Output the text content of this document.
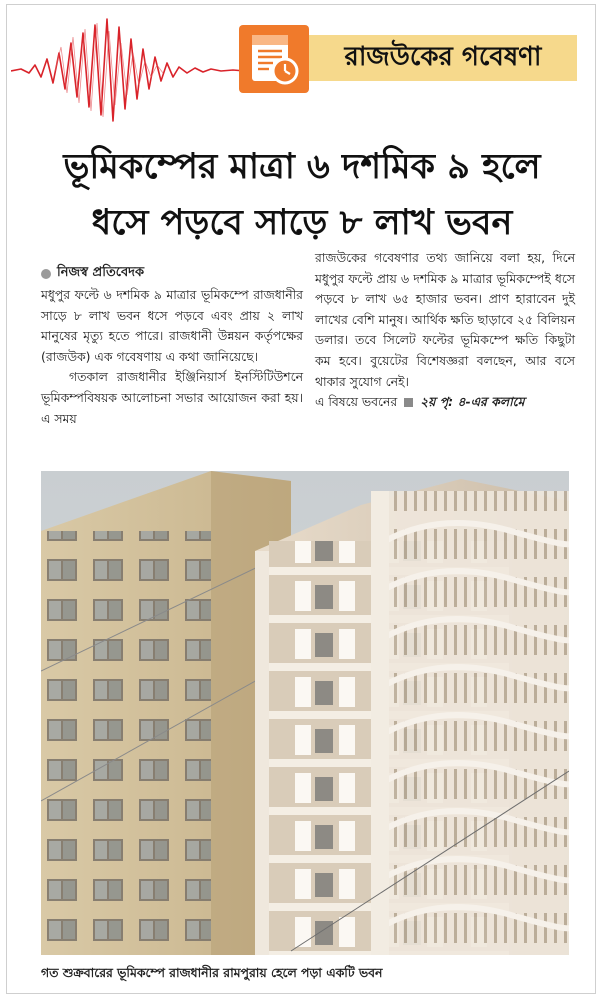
রাজউকের গবেষণা
ভূমিকম্পের মাত্রা ৬ দশমিক ৯ হলে
ধসে পড়বে সাড়ে ৮ লাখ ভবন
নিজস্ব প্রতিবেদক

মধুপুর ফল্টে ৬ দশমিক ৯ মাত্রার ভূমিকম্পে রাজধানীর সাড়ে ৮ লাখ ভবন ধসে পড়বে এবং প্রায় ২ লাখ মানুষের মৃত্যু হতে পারে। রাজধানী উন্নয়ন কর্তৃপক্ষের (রাজউক) এক গবেষণায় এ কথা জানিয়েছে।

গতকাল রাজধানীর ইঞ্জিনিয়ার্স ইনস্টিটিউশনে ভূমিকম্পবিষয়ক আলোচনা সভার আয়োজন করা হয়। এ সময়

রাজউকের গবেষণার তথ্য জানিয়ে বলা হয়, দিনে মধুপুর ফল্টে প্রায় ৬ দশমিক ৯ মাত্রার ভূমিকম্পেই ধসে পড়বে ৮ লাখ ৬৫ হাজার ভবন। প্রাণ হারাবেন দুই লাখের বেশি মানুষ। আর্থিক ক্ষতি ছাড়াবে ২৫ বিলিয়ন ডলার। তবে সিলেট ফল্টের ভূমিকম্পে ক্ষতি কিছুটা কম হবে। বুয়েটের বিশেষজ্ঞরা বলছেন, আর বসে থাকার সুযোগ নেই।

এ বিষয়ে ভবনের ২য় পৃ: ৪-এর কলামে

গত শুক্রবারের ভূমিকম্পে রাজধানীর রামপুরায় হেলে পড়া একটি ভবন
